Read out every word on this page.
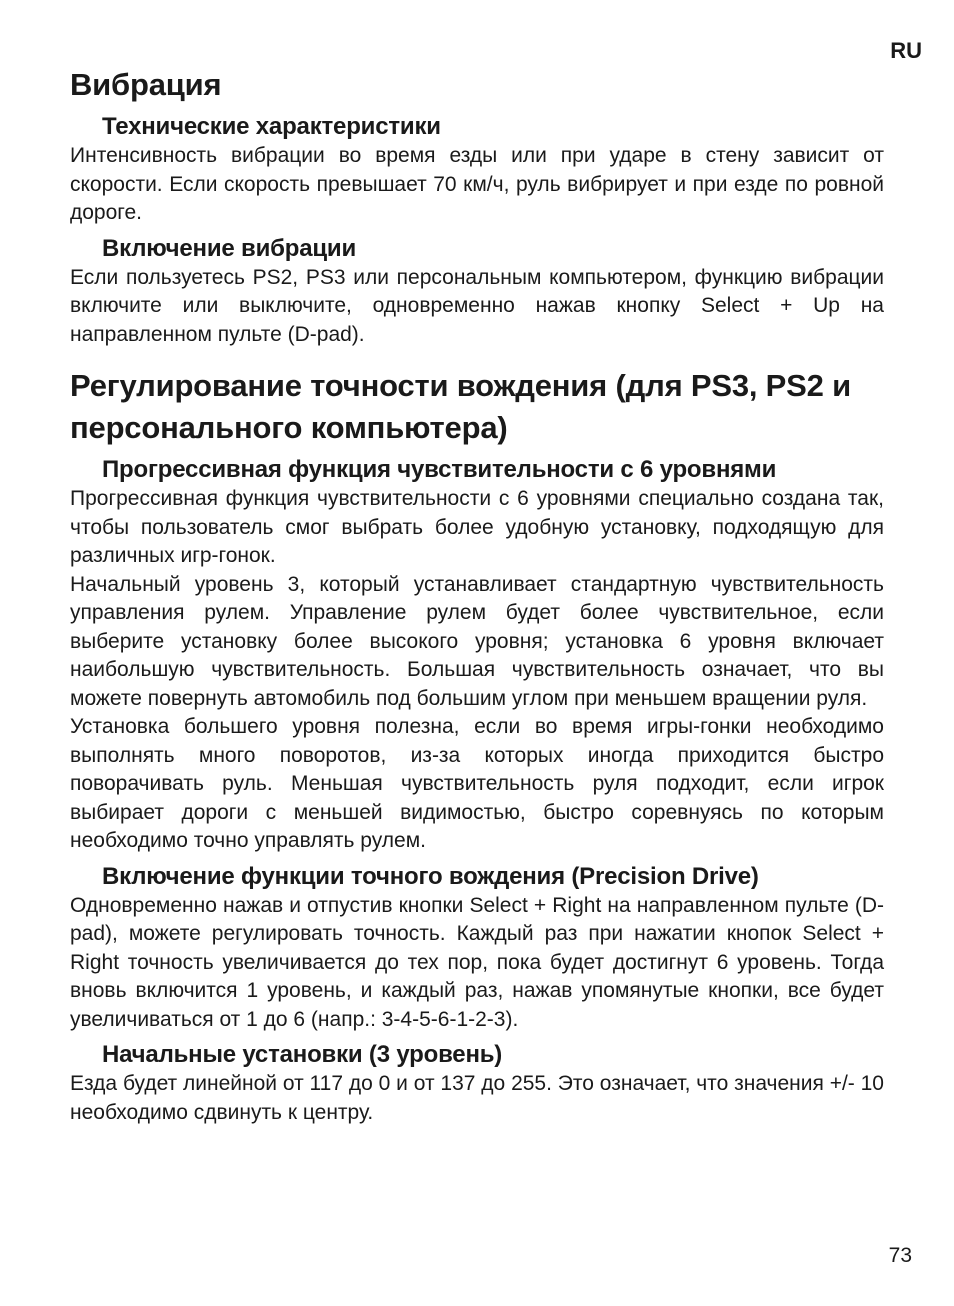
RU
Вибрация
Технические характеристики

Интенсивность вибрации во время езды или при ударе в стену зависит от скорости. Если скорость превышает 70 км/ч, руль вибрирует и при езде по ровной дороге.

Включение вибрации

Если пользуетесь PS2, PS3 или персональным компьютером, функцию вибрации включите или выключите, одновременно нажав кнопку Select + Up на направленном пульте (D-pad).

Регулирование точности вождения (для PS3, PS2 и персонального компьютера)
Прогрессивная функция чувствительности с 6 уровнями

Прогрессивная функция чувствительности с 6 уровнями специально создана так, чтобы пользователь смог выбрать более удобную установку, подходящую для различных игр-гонок.

Начальный уровень 3, который устанавливает стандартную чувствительность управления рулем. Управление рулем будет более чувствительное, если выберите установку более высокого уровня; установка 6 уровня включает наибольшую чувствительность. Большая чувствительность означает, что вы можете повернуть автомобиль под большим углом при меньшем вращении руля.

Установка большего уровня полезна, если во время игры-гонки необходимо выполнять много поворотов, из-за которых иногда приходится быстро поворачивать руль. Меньшая чувствительность руля подходит, если игрок выбирает дороги с меньшей видимостью, быстро соревнуясь по которым необходимо точно управлять рулем.

Включение функции точного вождения (Precision Drive)

Одновременно нажав и отпустив кнопки Select + Right на направленном пульте (D-pad), можете регулировать точность. Каждый раз при нажатии кнопок Select + Right точность увеличивается до тех пор, пока будет достигнут 6 уровень. Тогда вновь включится 1 уровень, и каждый раз, нажав упомянутые кнопки, все будет увеличиваться от 1 до 6 (напр.: 3-4-5-6-1-2-3).

Начальные установки (3 уровень)

Езда будет линейной от 117 до 0 и от 137 до 255. Это означает, что значения +/- 10 необходимо сдвинуть к центру.

73
